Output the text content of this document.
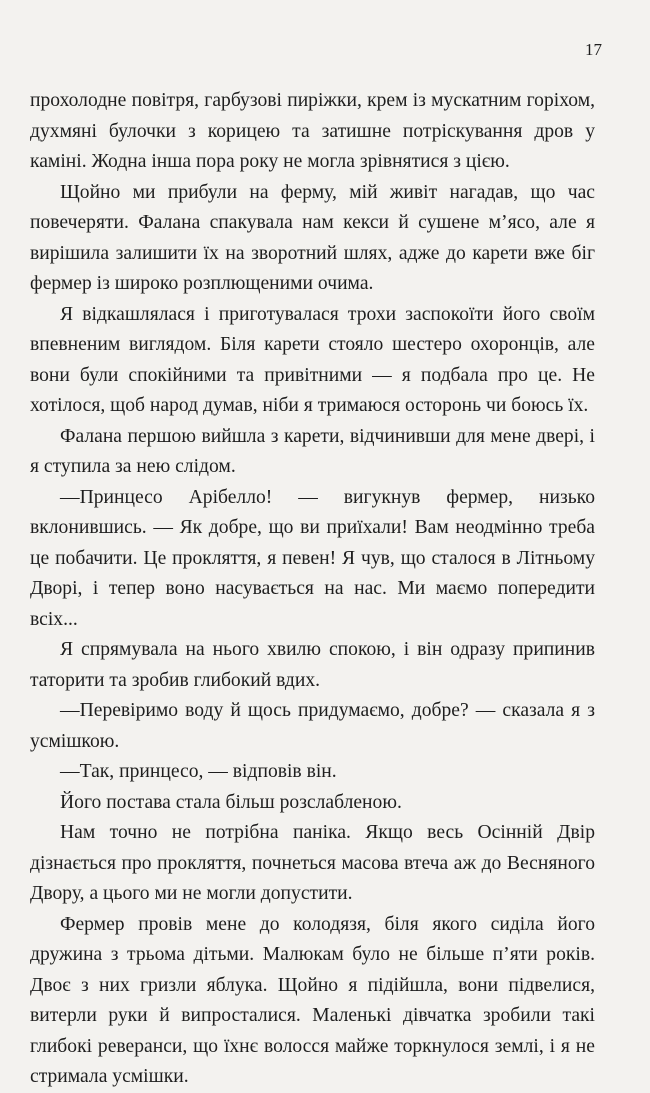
17

прохолодне повітря, гарбузові пиріжки, крем із мускатним горіхом, духмяні булочки з корицею та затишне потріскування дров у каміні. Жодна інша пора року не могла зрівнятися з цією.

Щойно ми прибули на ферму, мій живіт нагадав, що час повечеряти. Фалана спакувала нам кекси й сушене м’ясо, але я вирішила залишити їх на зворотний шлях, адже до карети вже біг фермер із широко розплющеними очима.

Я відкашлялася і приготувалася трохи заспокоїти його своїм впевненим виглядом. Біля карети стояло шестеро охоронців, але вони були спокійними та привітними — я подбала про це. Не хотілося, щоб народ думав, ніби я тримаюся осторонь чи боюсь їх.

Фалана першою вийшла з карети, відчинивши для мене двері, і я ступила за нею слідом.

—Принцесо Арібелло! — вигукнув фермер, низько вклонившись. — Як добре, що ви приїхали! Вам неодмінно треба це побачити. Це прокляття, я певен! Я чув, що сталося в Літньому Дворі, і тепер воно насувається на нас. Ми маємо попередити всіх...

Я спрямувала на нього хвилю спокою, і він одразу припинив таторити та зробив глибокий вдих.

—Перевіримо воду й щось придумаємо, добре? — сказала я з усмішкою.

—Так, принцесо, — відповів він.

Його постава стала більш розслабленою.

Нам точно не потрібна паніка. Якщо весь Осінній Двір дізнається про прокляття, почнеться масова втеча аж до Весняного Двору, а цього ми не могли допустити.

Фермер провів мене до колодязя, біля якого сиділа його дружина з трьома дітьми. Малюкам було не більше п’яти років. Двоє з них гризли яблука. Щойно я підійшла, вони підвелися, витерли руки й випросталися. Маленькі дівчатка зробили такі глибокі реверанси, що їхнє волосся майже торкнулося землі, і я не стримала усмішки.
